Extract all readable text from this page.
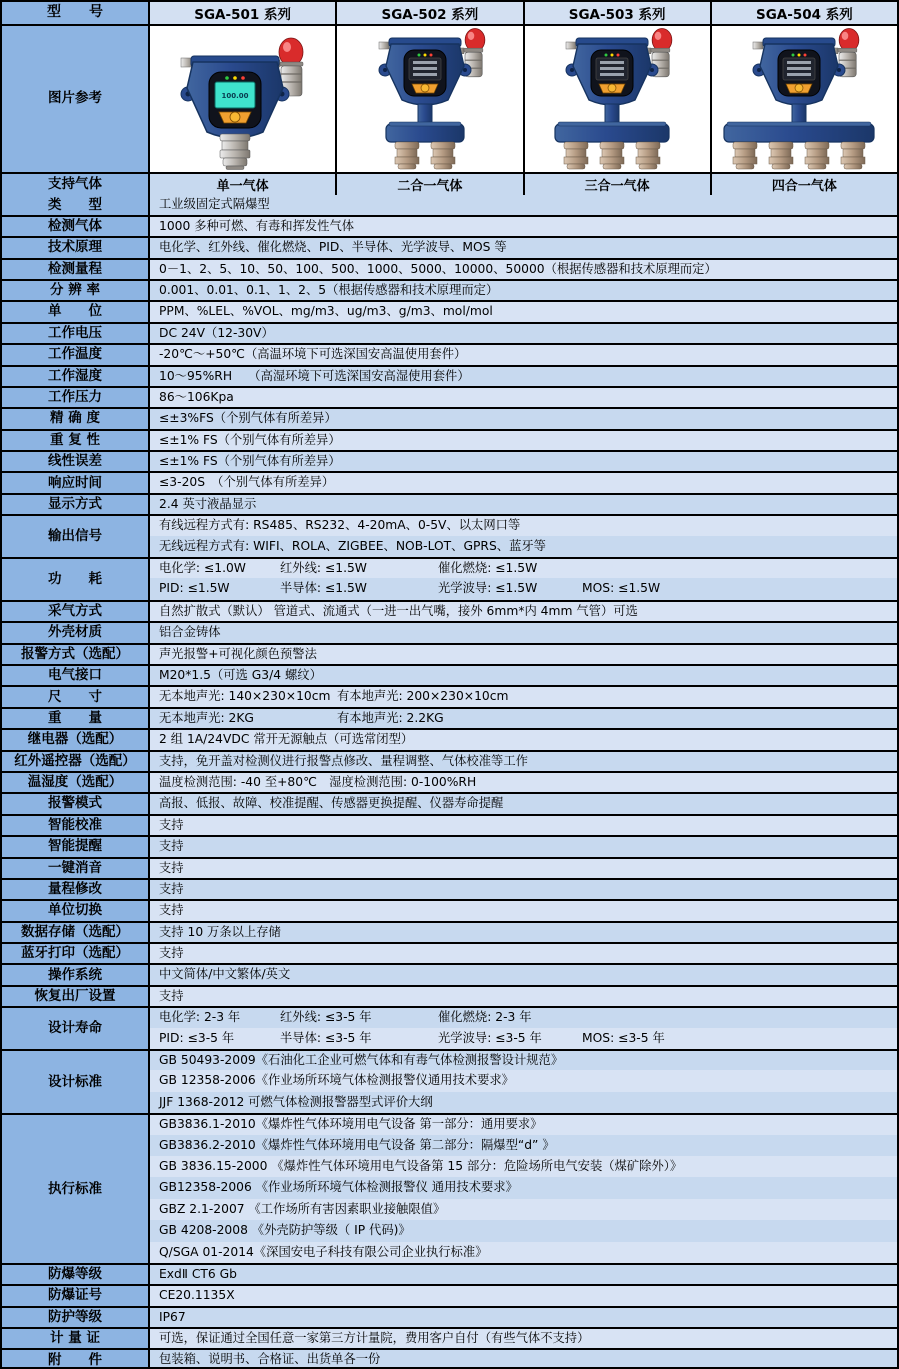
型　　号	SGA-501 系列	SGA-502 系列	SGA-503 系列	SGA-504 系列
图片参考	100.00
支持气体	单一气体	二合一气体	三合一气体	四合一气体
类　　型	工业级固定式隔爆型
检测气体	1000 多种可燃、有毒和挥发性气体
技术原理	电化学、红外线、催化燃烧、PID、半导体、光学波导、MOS 等
检测量程	0－1、2、5、10、50、100、500、1000、5000、10000、50000（根据传感器和技术原理而定）
分 辨 率	0.001、0.01、0.1、1、2、5（根据传感器和技术原理而定）
单　　位	PPM、%LEL、%VOL、mg/m3、ug/m3、g/m3、mol/mol
工作电压	DC 24V（12-30V）
工作温度	-20℃～+50℃（高温环境下可选深国安高温使用套件）
工作湿度	10～95%RH　 （高湿环境下可选深国安高湿使用套件）
工作压力	86～106Kpa
精 确 度	≤±3%FS（个别气体有所差异）
重 复 性	≤±1% FS（个别气体有所差异）
线性误差	≤±1% FS（个别气体有所差异）
响应时间	≤3-20S　（个别气体有所差异）
显示方式	2.4 英寸液晶显示
输出信号
有线远程方式有: RS485、RS232、4-20mA、0-5V、以太网口等
无线远程方式有: WIFI、ROLA、ZIGBEE、NOB-LOT、GPRS、蓝牙等
功　　耗
电化学: ≤1.0W	红外线: ≤1.5W	催化燃烧: ≤1.5W
PID: ≤1.5W	半导体: ≤1.5W	光学波导: ≤1.5W	MOS: ≤1.5W
采气方式	自然扩散式（默认） 管道式、流通式（一进一出气嘴，接外 6mm*内 4mm 气管）可选
外壳材质	铝合金铸体
报警方式（选配）	声光报警+可视化颜色预警法
电气接口	M20*1.5（可选 G3/4 螺纹）
尺　　寸	无本地声光: 140×230×10cm 有本地声光: 200×230×10cm
重　　量	无本地声光: 2KG	有本地声光: 2.2KG
继电器（选配）	2 组 1A/24VDC 常开无源触点（可选常闭型）
红外遥控器（选配）	支持，免开盖对检测仪进行报警点修改、量程调整、气体校准等工作
温湿度（选配）	温度检测范围: -40 至+80℃　湿度检测范围: 0-100%RH
报警模式	高报、低报、故障、校准提醒、传感器更换提醒、仪器寿命提醒
智能校准	支持
智能提醒	支持
一键消音	支持
量程修改	支持
单位切换	支持
数据存储（选配）	支持 10 万条以上存储
蓝牙打印（选配）	支持
操作系统	中文简体/中文繁体/英文
恢复出厂设置	支持
设计寿命
电化学: 2-3 年	红外线: ≤3-5 年	催化燃烧: 2-3 年
PID: ≤3-5 年	半导体: ≤3-5 年	光学波导: ≤3-5 年	MOS: ≤3-5 年
设计标准
GB 50493-2009《石油化工企业可燃气体和有毒气体检测报警设计规范》
GB 12358-2006《作业场所环境气体检测报警仪通用技术要求》
JJF 1368-2012 可燃气体检测报警器型式评价大纲
执行标准
GB3836.1-2010《爆炸性气体环境用电气设备 第一部分：通用要求》
GB3836.2-2010《爆炸性气体环境用电气设备 第二部分：隔爆型“d” 》
GB 3836.15-2000 《爆炸性气体环境用电气设备第 15 部分：危险场所电气安装（煤矿除外）》
GB12358-2006 《作业场所环境气体检测报警仪 通用技术要求》
GBZ 2.1-2007 《工作场所有害因素职业接触限值》
GB 4208-2008 《外壳防护等级（ IP 代码)》
Q/SGA 01-2014《深国安电子科技有限公司企业执行标准》
防爆等级	ExdⅡ CT6 Gb
防爆证号	CE20.1135X
防护等级	IP67
计 量 证	可选，保证通过全国任意一家第三方计量院，费用客户自付（有些气体不支持）
附　　件	包装箱、说明书、合格证、出货单各一份
